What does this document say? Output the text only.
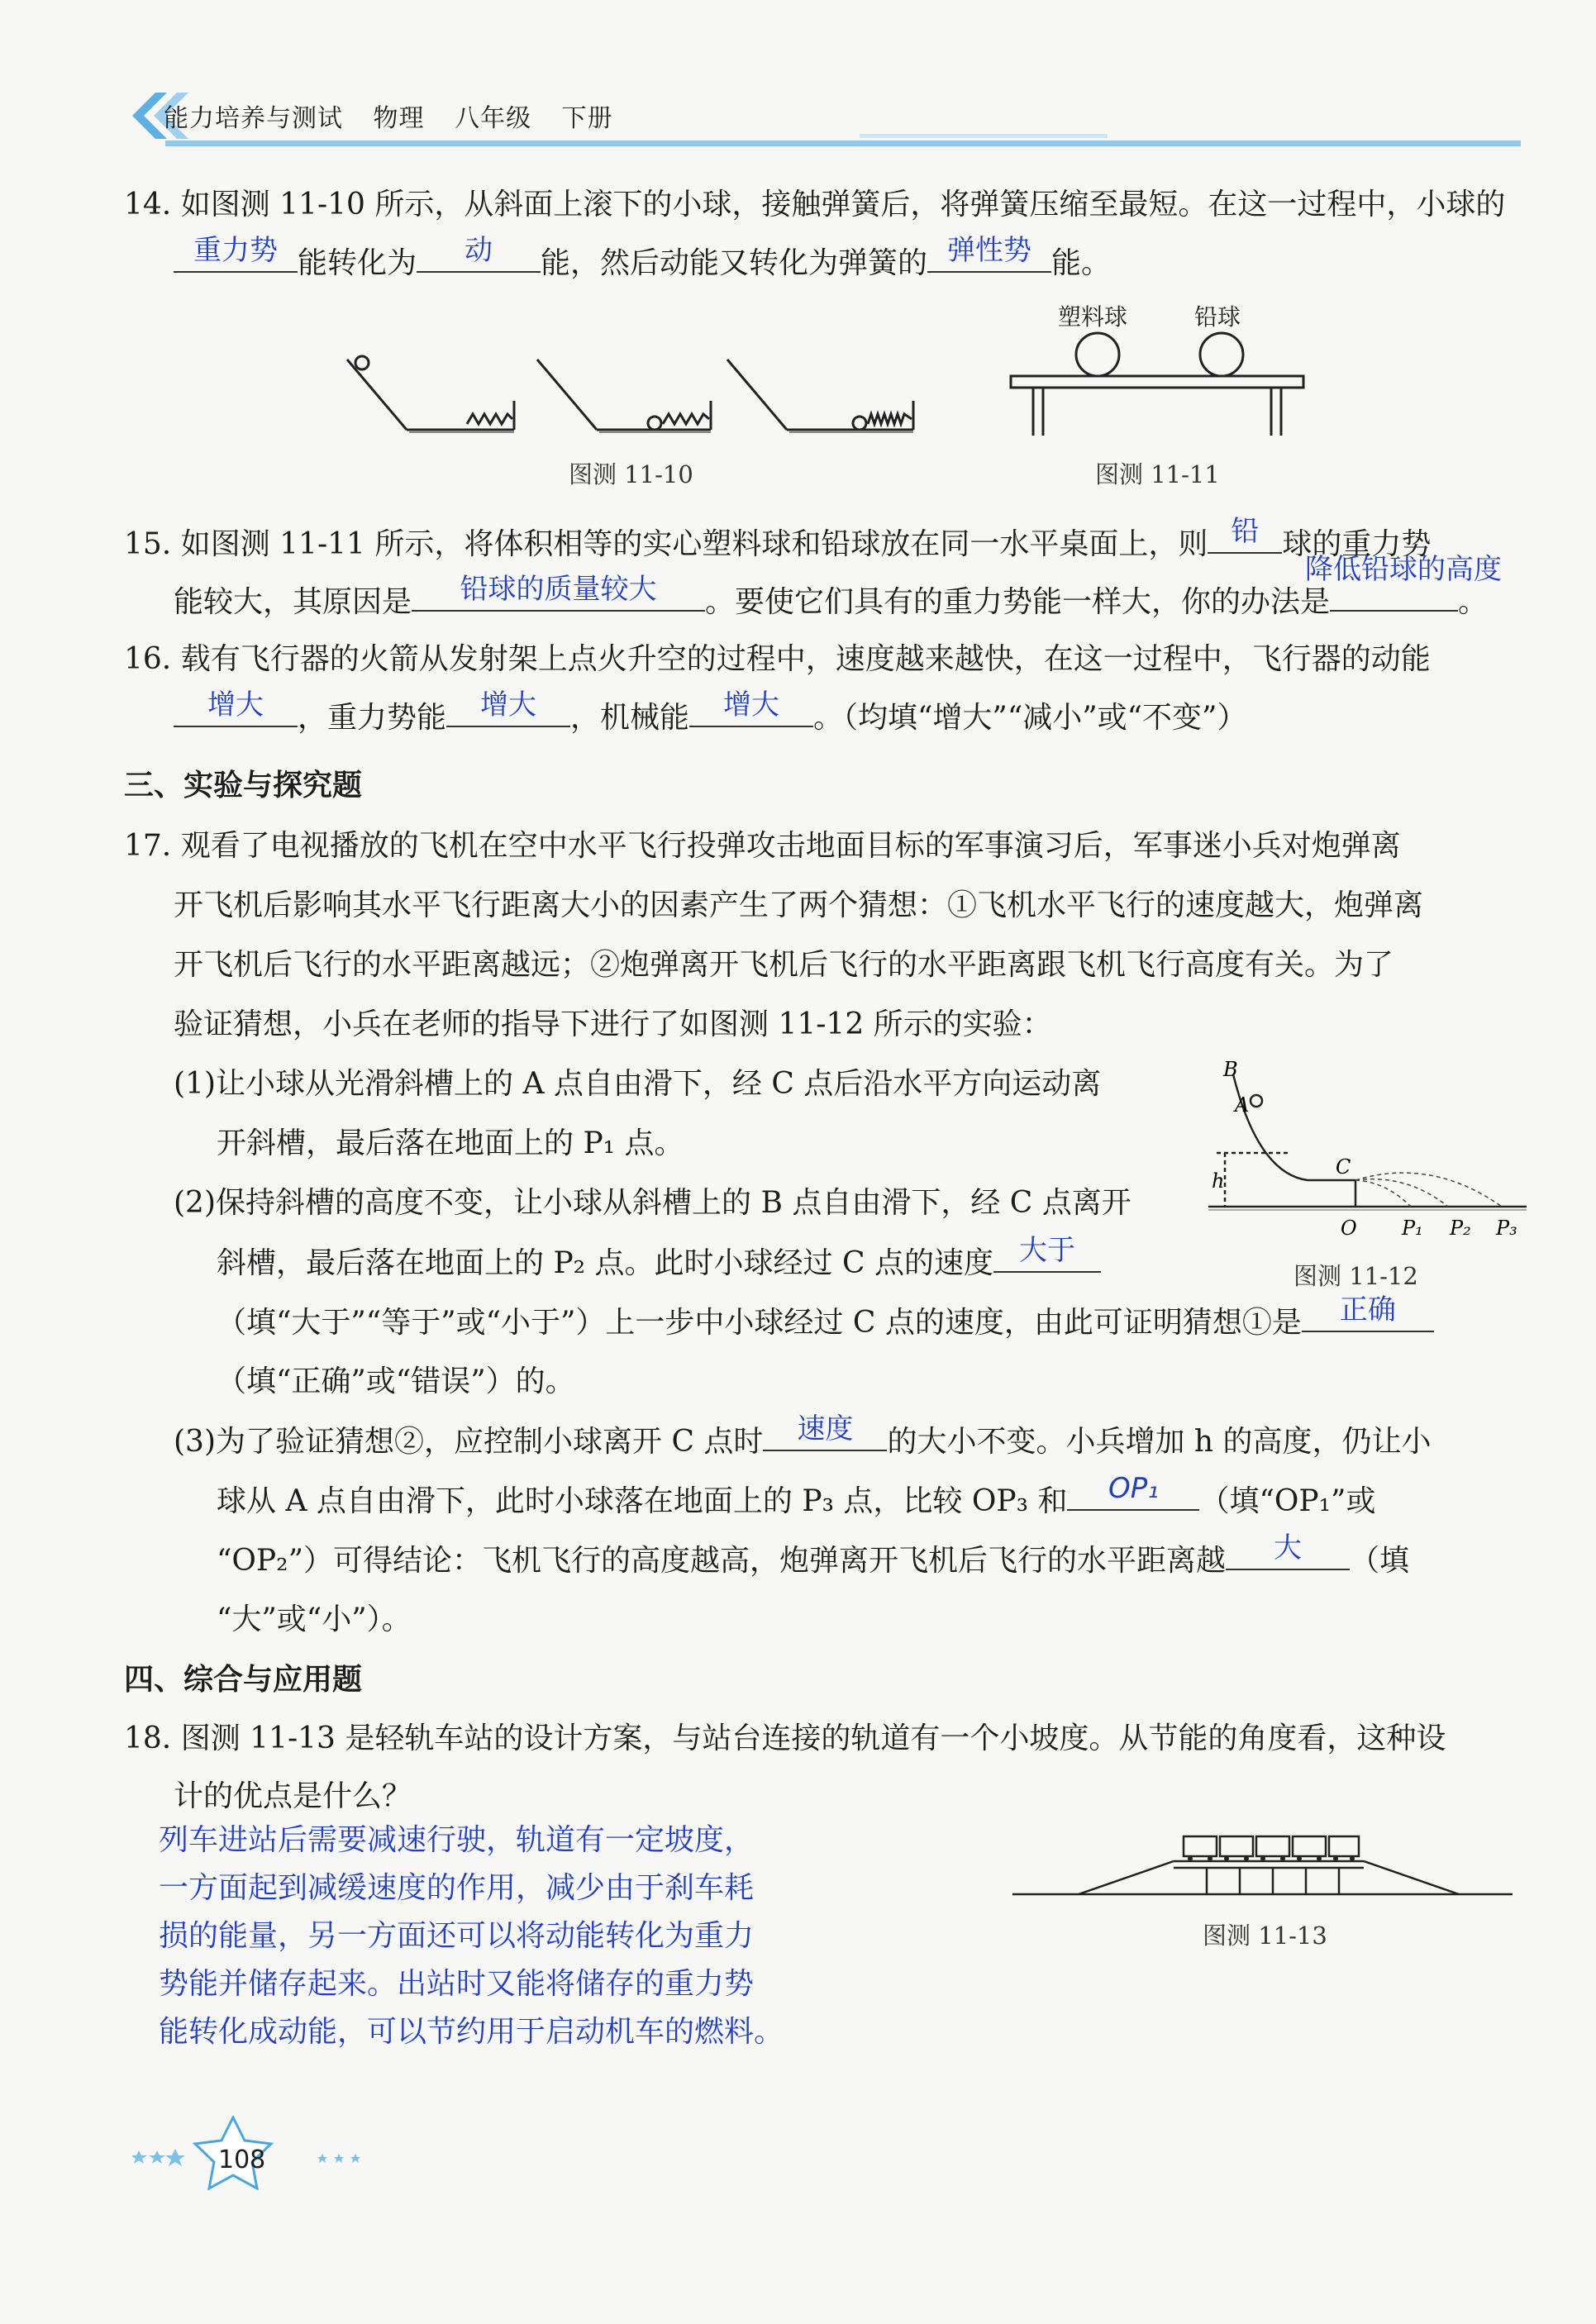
能力培养与测试 物理 八年级 下册
14. 如图测 11-10 所示，从斜面上滚下的小球，接触弹簧后，将弹簧压缩至最短。在这一过程中，小球的
重力势 能转化为	动	能，然后动能又转化为弹簧的 弹性势 能。
图测 11-10
塑料球	铅球
图测 11-11
15. 如图测 11-11 所示，将体积相等的实心塑料球和铅球放在同一水平桌面上，则 铅 球的重力势
能较大，其原因是	铅球的质量较大	。要使它们具有的重力势能一样大，你的办法是
降低铅球的高度
。
16. 载有飞行器的火箭从发射架上点火升空的过程中，速度越来越快，在这一过程中，飞行器的动能
增大	，重力势能	增大	，机械能	增大	。（均填“增大”“减小”或“不变”）
三、实验与探究题
17. 观看了电视播放的飞机在空中水平飞行投弹攻击地面目标的军事演习后，军事迷小兵对炮弹离
开飞机后影响其水平飞行距离大小的因素产生了两个猜想：①飞机水平飞行的速度越大，炮弹离
开飞机后飞行的水平距离越远；②炮弹离开飞机后飞行的水平距离跟飞机飞行高度有关。为了
验证猜想，小兵在老师的指导下进行了如图测 11-12 所示的实验：
(1)让小球从光滑斜槽上的 A 点自由滑下，经 C 点后沿水平方向运动离
开斜槽，最后落在地面上的 P₁ 点。
(2)保持斜槽的高度不变，让小球从斜槽上的 B 点自由滑下，经 C 点离开
斜槽，最后落在地面上的 P₂ 点。此时小球经过 C 点的速度 大于
（填“大于”“等于”或“小于”）上一步中小球经过 C 点的速度，由此可证明猜想①是	正确
（填“正确”或“错误”）的。
(3)为了验证猜想②，应控制小球离开 C 点时	速度	的大小不变。小兵增加 h 的高度，仍让小
球从 A 点自由滑下，此时小球落在地面上的 P₃ 点，比较 OP₃ 和	OP₁	（填“OP₁”或
“OP₂”）可得结论：飞机飞行的高度越高，炮弹离开飞机后飞行的水平距离越	大	（填
“大”或“小”）。
B
A
C
h
O P₁ P₂ P₃
图测 11-12
四、综合与应用题
18. 图测 11-13 是轻轨车站的设计方案，与站台连接的轨道有一个小坡度。从节能的角度看，这种设
计的优点是什么？
列车进站后需要减速行驶，轨道有一定坡度，
一方面起到减缓速度的作用，减少由于刹车耗
损的能量，另一方面还可以将动能转化为重力
势能并储存起来。出站时又能将储存的重力势
能转化成动能，可以节约用于启动机车的燃料。
图测 11-13
108
